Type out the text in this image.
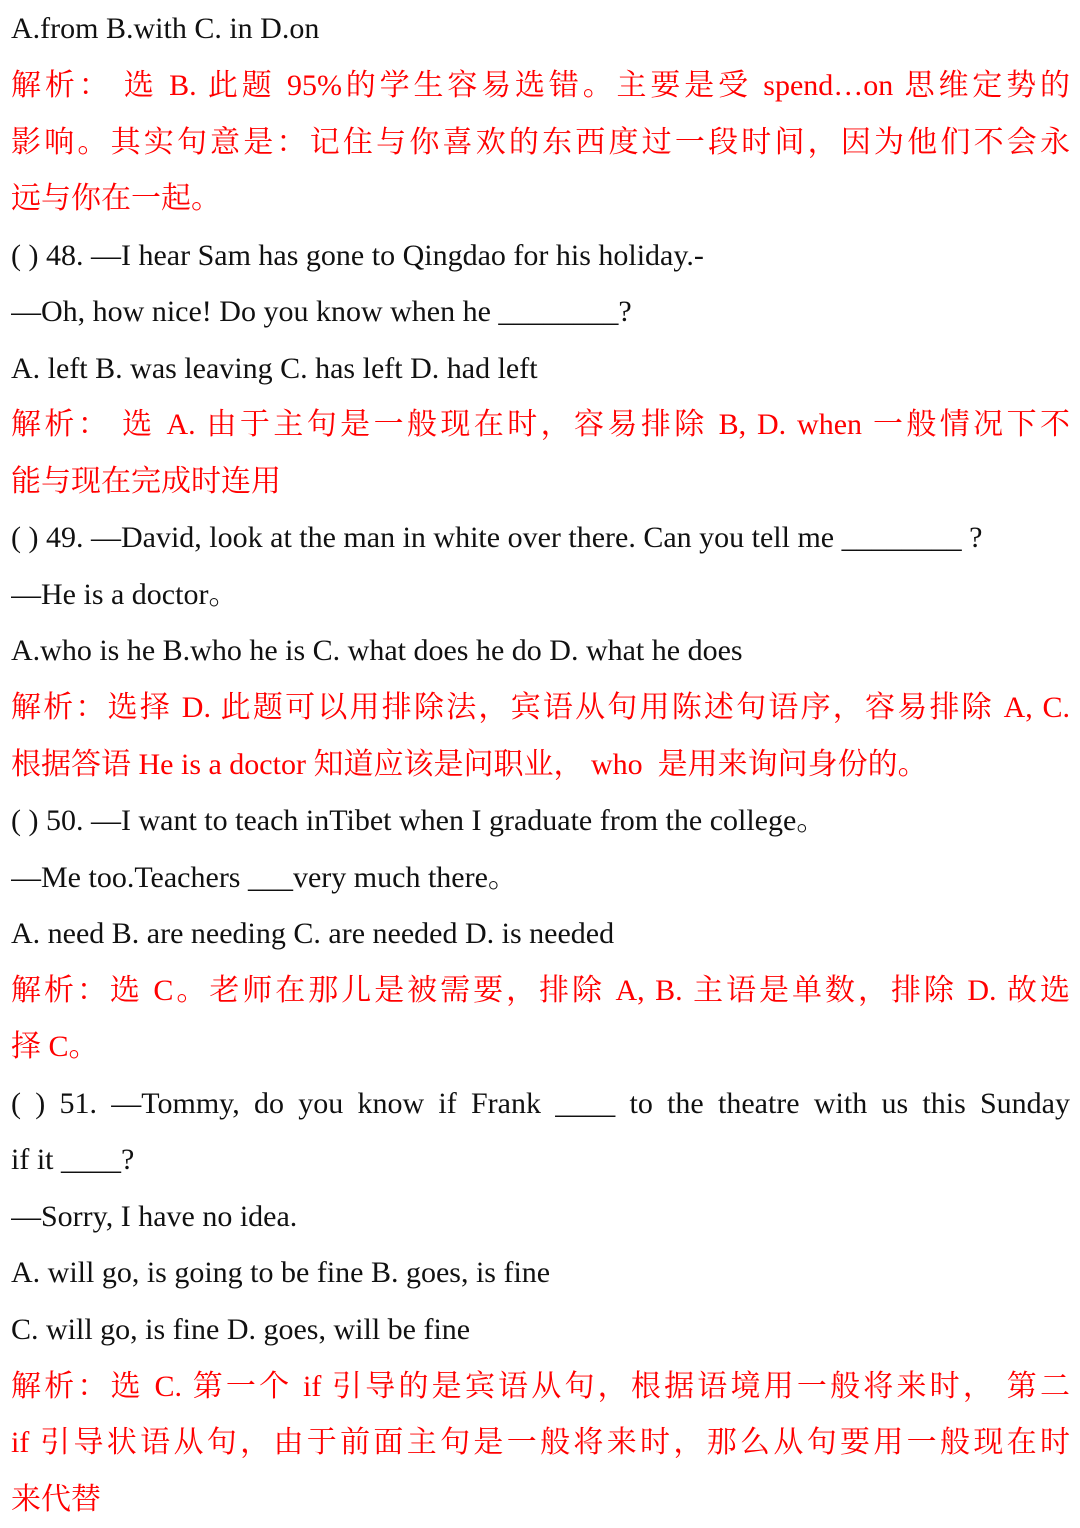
A.from B.with C. in D.on
解析： 选 B. 此题 95%的学生容易选错。主要是受 spend…on 思维定势的
影响。其实句意是：记住与你喜欢的东西度过一段时间，因为他们不会永
远与你在一起。
( ) 48. —I hear Sam has gone to Qingdao for his holiday.-
—Oh, how nice! Do you know when he ________?
A. left B. was leaving C. has left D. had left
解析： 选 A. 由于主句是一般现在时，容易排除 B, D. when 一般情况下不
能与现在完成时连用
( ) 49. —David, look at the man in white over there. Can you tell me ________ ?
—He is a doctor。
A.who is he B.who he is C. what does he do D. what he does
解析：选择 D. 此题可以用排除法，宾语从句用陈述句语序，容易排除 A, C.
根据答语 He is a doctor 知道应该是问职业， who  是用来询问身份的。
( ) 50. —I want to teach inTibet when I graduate from the college。
—Me too.Teachers ___very much there。
A. need B. are needing C. are needed D. is needed
解析：选 C。老师在那儿是被需要，排除 A, B. 主语是单数，排除 D. 故选
择 C。
( ) 51. —Tommy, do you know if Frank ____ to the theatre with us this Sunday
if it ____?
—Sorry, I have no idea.
A. will go, is going to be fine B. goes, is fine
C. will go, is fine D. goes, will be fine
解析：选 C. 第一个 if 引导的是宾语从句，根据语境用一般将来时， 第二
if 引导状语从句，由于前面主句是一般将来时，那么从句要用一般现在时
来代替
